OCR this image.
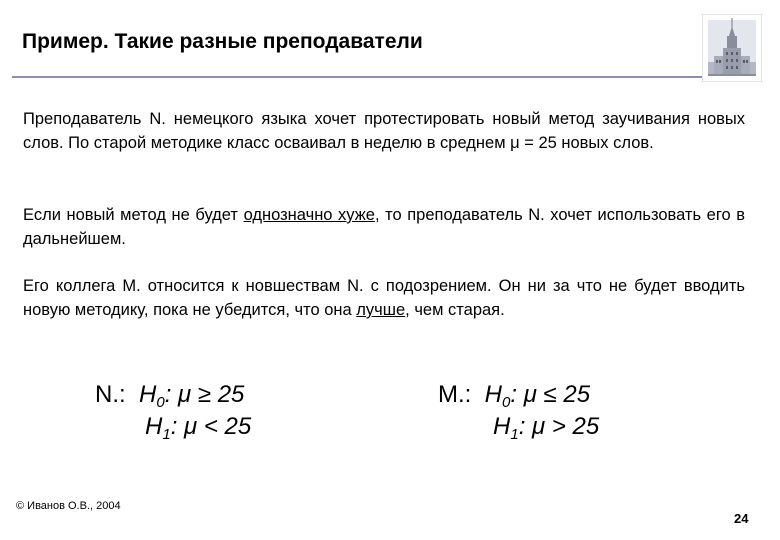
Пример. Такие разные преподаватели
Преподаватель N. немецкого языка хочет протестировать новый метод заучивания новых слов. По старой методике класс осваивал в неделю в среднем μ = 25 новых слов.
Если новый метод не будет однозначно хуже, то преподаватель N. хочет использовать его в дальнейшем.
Его коллега M. относится к новшествам N. с подозрением. Он ни за что не будет вводить новую методику, пока не убедится, что она лучше, чем старая.
N.: $H_0$: μ ≥ 25
$H_1$: μ < 25
M.: $H_0$: μ ≤ 25
$H_1$: μ > 25
© Иванов О.В., 2004
24
